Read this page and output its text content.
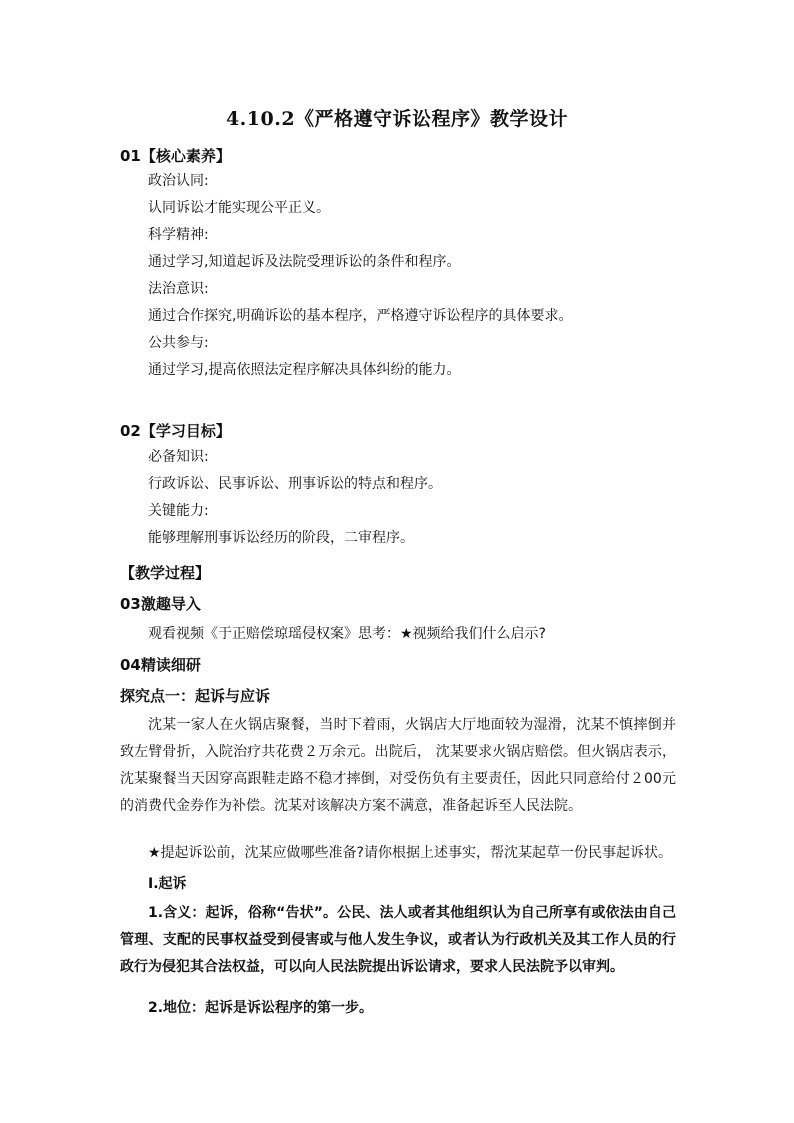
4.10.2《严格遵守诉讼程序》教学设计
01【核心素养】
政治认同:
认同诉讼才能实现公平正义。
科学精神:
通过学习,知道起诉及法院受理诉讼的条件和程序。
法治意识:
通过合作探究,明确诉讼的基本程序，严格遵守诉讼程序的具体要求。
公共参与:
通过学习,提高依照法定程序解决具体纠纷的能力。
02【学习目标】
必备知识:
行政诉讼、民事诉讼、刑事诉讼的特点和程序。
关键能力:
能够理解刑事诉讼经历的阶段，二审程序。
【教学过程】
03激趣导入
观看视频《于正赔偿琼瑶侵权案》思考：★视频给我们什么启示?
04精读细研
探究点一：起诉与应诉
沈某一家人在火锅店聚餐，当时下着雨，火锅店大厅地面较为湿滑，沈某不慎摔倒并致左臂骨折，入院治疗共花费２万余元。出院后， 沈某要求火锅店赔偿。但火锅店表示，沈某聚餐当天因穿高跟鞋走路不稳才摔倒，对受伤负有主要责任，因此只同意给付２00元的消费代金券作为补偿。沈某对该解决方案不满意，准备起诉至人民法院。
★提起诉讼前，沈某应做哪些准备?请你根据上述事实，帮沈某起草一份民事起诉状。
Ⅰ.起诉
1.含义：起诉，俗称“告状”。公民、法人或者其他组织认为自己所享有或依法由自己管理、支配的民事权益受到侵害或与他人发生争议，或者认为行政机关及其工作人员的行政行为侵犯其合法权益，可以向人民法院提出诉讼请求，要求人民法院予以审判。
2.地位：起诉是诉讼程序的第一步。
